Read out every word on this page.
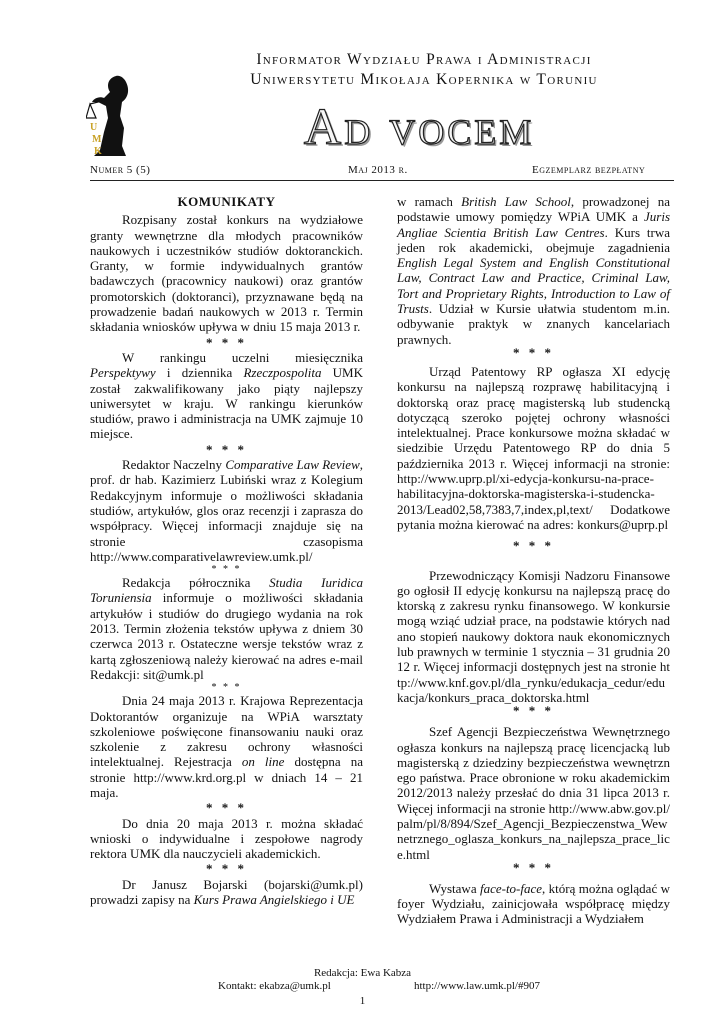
U
M
K
Informator Wydziału Prawa i Administracji
Uniwersytetu Mikołaja Kopernika w Toruniu
Ad vocem
Numer 5 (5)	Maj 2013 r.	Egzemplarz bezpłatny
KOMUNIKATY

Rozpisany został konkurs na wydziałowe granty wewnętrzne dla młodych pracowników naukowych i uczestników studiów doktoranckich. Granty, w formie indywidualnych grantów badawczych (pracownicy naukowi) oraz grantów promotorskich (doktoranci), przyznawane będą na prowadzenie badań naukowych w 2013 r. Termin składania wniosków upływa w dniu 15 maja 2013 r.

* * *

W rankingu uczelni miesięcznika Perspektywy i dziennika Rzeczpospolita UMK został zakwalifikowany jako piąty najlepszy uniwersytet w kraju. W rankingu kierunków studiów, prawo i administracja na UMK zajmuje 10 miejsce.

* * *

Redaktor Naczelny Comparative Law Review, prof. dr hab. Kazimierz Lubiński wraz z Kolegium Redakcyjnym informuje o możliwości składania studiów, artykułów, glos oraz recenzji i zaprasza do współpracy. Więcej informacji znajduje się na stronie czasopisma http://www.comparativelawreview.umk.pl/

* * *

Redakcja półrocznika Studia Iuridica Toruniensia informuje o możliwości składania artykułów i studiów do drugiego wydania na rok 2013. Termin złożenia tekstów upływa z dniem 30 czerwca 2013 r. Ostateczne wersje tekstów wraz z kartą zgłoszeniową należy kierować na adres e-mail Redakcji: sit@umk.pl

* * *

Dnia 24 maja 2013 r. Krajowa Reprezentacja Doktorantów organizuje na WPiA warsztaty szkoleniowe poświęcone finansowaniu nauki oraz szkolenie z zakresu ochrony własności intelektualnej. Rejestracja on line dostępna na stronie http://www.krd.org.pl w dniach 14 – 21 maja.

* * *

Do dnia 20 maja 2013 r. można składać wnioski o indywidualne i zespołowe nagrody rektora UMK dla nauczycieli akademickich.

* * *

Dr Janusz Bojarski (bojarski@umk.pl) prowadzi zapisy na Kurs Prawa Angielskiego i UE

w ramach British Law School, prowadzonej na podstawie umowy pomiędzy WPiA UMK a Juris Angliae Scientia British Law Centres. Kurs trwa jeden rok akademicki, obejmuje zagadnienia English Legal System and English Constitutional Law, Contract Law and Practice, Criminal Law, Tort and Proprietary Rights, Introduction to Law of Trusts. Udział w Kursie ułatwia studentom m.in. odbywanie praktyk w znanych kancelariach prawnych.

* * *

Urząd Patentowy RP ogłasza XI edycję konkursu na najlepszą rozprawę habilitacyjną i doktorską oraz pracę magisterską lub studencką dotyczącą szeroko pojętej ochrony własności intelektualnej. Prace konkursowe można składać w siedzibie Urzędu Patentowego RP do dnia 5 października 2013 r. Więcej informacji na stronie: http://www.uprp.pl/xi-edycja-konkursu-na-prace-habilitacyjna-doktorska-magisterska-i-studencka-2013/Lead02,58,7383,7,index,pl,text/ Dodatkowe pytania można kierować na adres: konkurs@uprp.pl

* * *

Przewodniczący Komisji Nadzoru Finansowego ogłosił II edycję konkursu na najlepszą pracę doktorską z zakresu rynku finansowego. W konkursie mogą wziąć udział prace, na podstawie których nadano stopień naukowy doktora nauk ekonomicznych lub prawnych w terminie 1 stycznia – 31 grudnia 2012 r. Więcej informacji dostępnych jest na stronie http://www.knf.gov.pl/dla_rynku/edukacja_cedur/edukacja/konkurs_praca_doktorska.html

* * *

Szef Agencji Bezpieczeństwa Wewnętrznego ogłasza konkurs na najlepszą pracę licencjacką lub magisterską z dziedziny bezpieczeństwa wewnętrznego państwa. Prace obronione w roku akademickim 2012/2013 należy przesłać do dnia 31 lipca 2013 r. Więcej informacji na stronie http://www.abw.gov.pl/palm/pl/8/894/Szef_Agencji_Bezpieczenstwa_Wewnetrznego_oglasza_konkurs_na_najlepsza_prace_lice.html

* * *

Wystawa face-to-face, którą można oglądać w foyer Wydziału, zainicjowała współpracę między Wydziałem Prawa i Administracji a Wydziałem

Redakcja: Ewa Kabza
Kontakt: ekabza@umk.pl	http://www.law.umk.pl/#907
1
